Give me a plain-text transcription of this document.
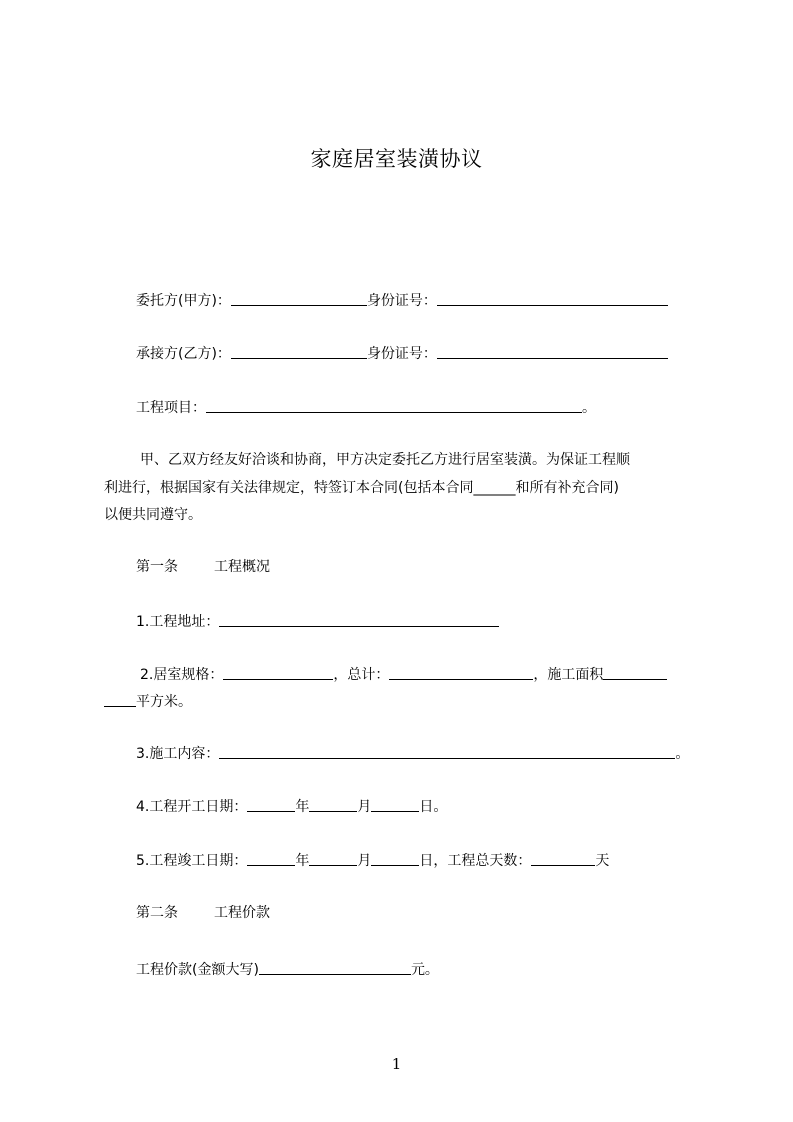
家庭居室装潢协议
委托方(甲方)：	身份证号：
承接方(乙方)：	身份证号：
工程项目：	。
甲、乙双方经友好洽谈和协商，甲方决定委托乙方进行居室装潢。为保证工程顺
利进行，根据国家有关法律规定，特签订本合同(包括本合同______和所有补充合同)
以便共同遵守。
第一条	工程概况
1.工程地址：
2.居室规格：	，总计：	，施工面积
平方米。
3.施工内容：	。
4.工程开工日期：	年	月	日。
5.工程竣工日期：	年	月	日，工程总天数：	天
第二条	工程价款
工程价款(金额大写)	元。
1
